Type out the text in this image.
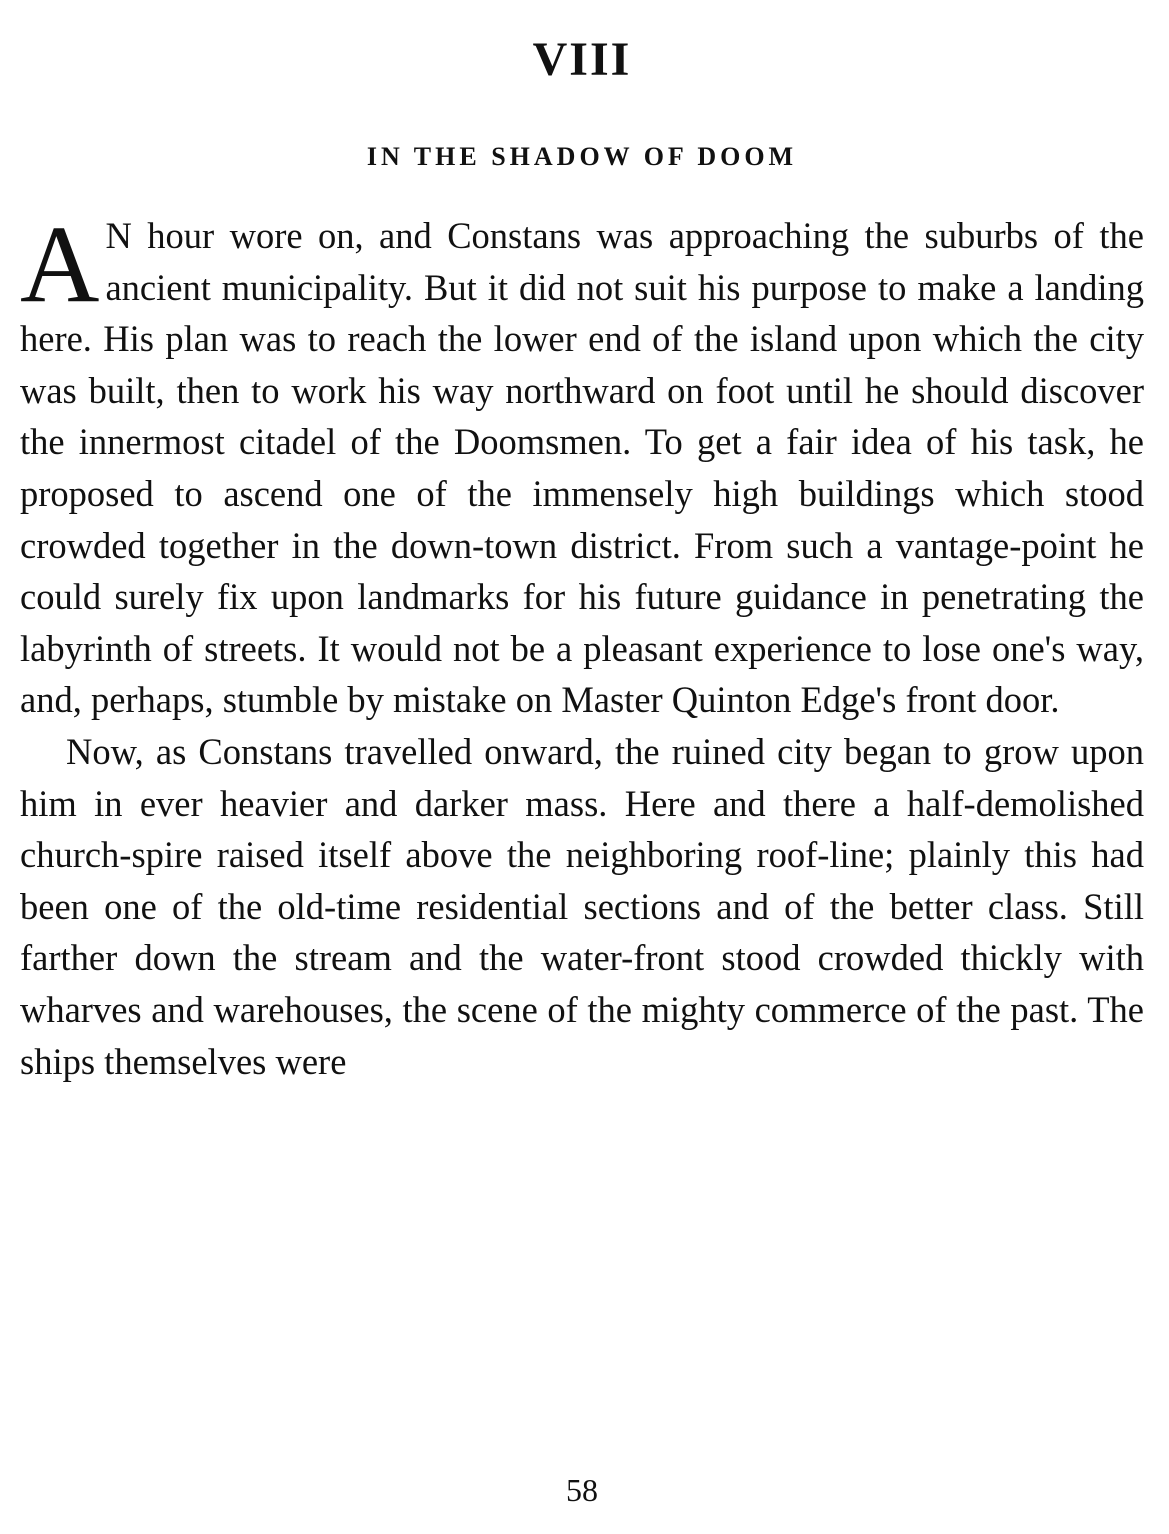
VIII
IN THE SHADOW OF DOOM

AN hour wore on, and Constans was approaching the suburbs of the ancient municipality. But it did not suit his purpose to make a landing here. His plan was to reach the lower end of the island upon which the city was built, then to work his way northward on foot until he should discover the innermost citadel of the Doomsmen. To get a fair idea of his task, he proposed to ascend one of the immensely high buildings which stood crowded together in the down-town district. From such a vantage-point he could surely fix upon landmarks for his future guidance in penetrating the labyrinth of streets. It would not be a pleasant experience to lose one's way, and, perhaps, stumble by mistake on Master Quinton Edge's front door.

Now, as Constans travelled onward, the ruined city began to grow upon him in ever heavier and darker mass. Here and there a half-demolished church-spire raised itself above the neighboring roof-line; plainly this had been one of the old-time residential sections and of the better class. Still farther down the stream and the water-front stood crowded thickly with wharves and warehouses, the scene of the mighty commerce of the past. The ships themselves were

58
